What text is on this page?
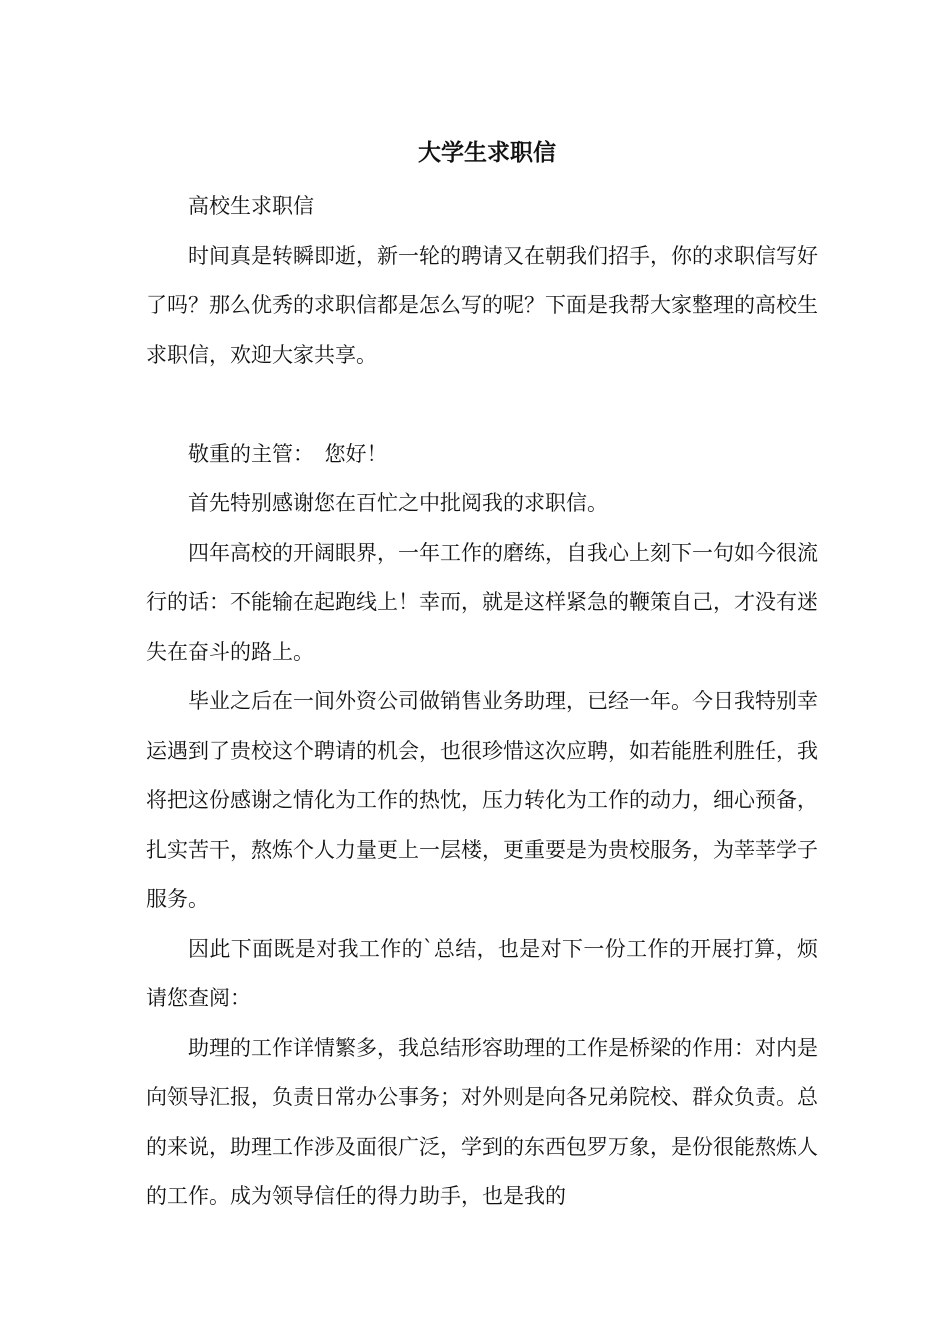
大学生求职信

高校生求职信

时间真是转瞬即逝，新一轮的聘请又在朝我们招手，你的求职信写好了吗？那么优秀的求职信都是怎么写的呢？下面是我帮大家整理的高校生求职信，欢迎大家共享。

敬重的主管：　您好！

首先特别感谢您在百忙之中批阅我的求职信。

四年高校的开阔眼界，一年工作的磨练，自我心上刻下一句如今很流行的话：不能输在起跑线上！幸而，就是这样紧急的鞭策自己，才没有迷失在奋斗的路上。

毕业之后在一间外资公司做销售业务助理，已经一年。今日我特别幸运遇到了贵校这个聘请的机会，也很珍惜这次应聘，如若能胜利胜任，我将把这份感谢之情化为工作的热忱，压力转化为工作的动力，细心预备，扎实苦干，熬炼个人力量更上一层楼，更重要是为贵校服务，为莘莘学子服务。

因此下面既是对我工作的`总结，也是对下一份工作的开展打算，烦请您查阅：

助理的工作详情繁多，我总结形容助理的工作是桥梁的作用：对内是向领导汇报，负责日常办公事务；对外则是向各兄弟院校、群众负责。总的来说，助理工作涉及面很广泛，学到的东西包罗万象，是份很能熬炼人的工作。成为领导信任的得力助手，也是我的
